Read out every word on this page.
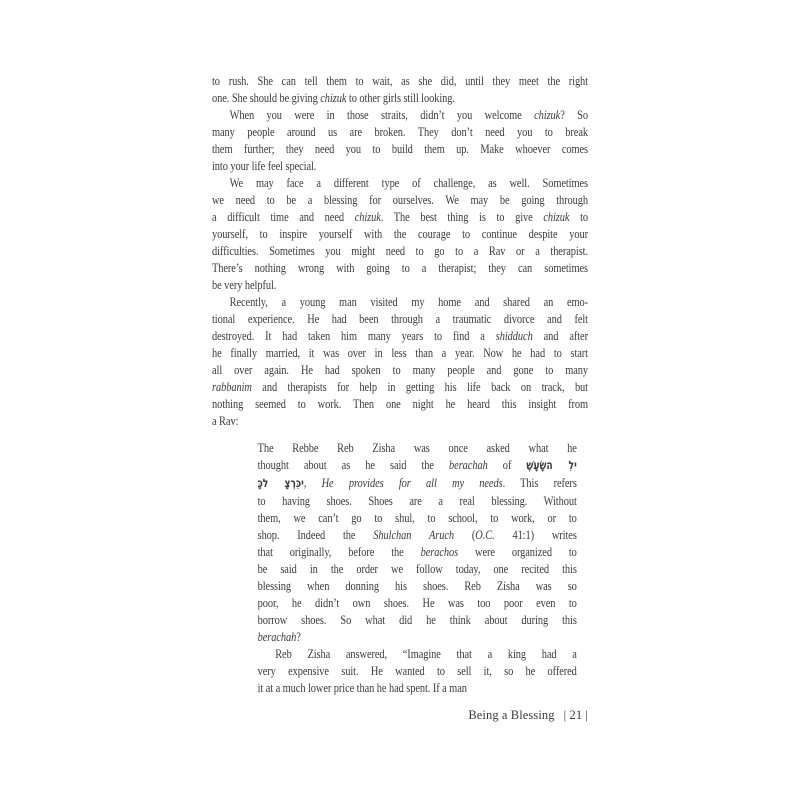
to rush. She can tell them to wait, as she did, until they meet the right
one. She should be giving chizuk to other girls still looking.
When you were in those straits, didn’t you welcome chizuk? So
many people around us are broken. They don’t need you to break
them further; they need you to build them up. Make whoever comes
into your life feel special.
We may face a different type of challenge, as well. Sometimes
we need to be a blessing for ourselves. We may be going through
a difficult time and need chizuk. The best thing is to give chizuk to
yourself, to inspire yourself with the courage to continue despite your
difficulties. Sometimes you might need to go to a Rav or a therapist.
There’s nothing wrong with going to a therapist; they can sometimes
be very helpful.
Recently, a young man visited my home and shared an emo-
tional experience. He had been through a traumatic divorce and felt
destroyed. It had taken him many years to find a shidduch and after
he finally married, it was over in less than a year. Now he had to start
all over again. He had spoken to many people and gone to many
rabbanim and therapists for help in getting his life back on track, but
nothing seemed to work. Then one night he heard this insight from
a Rav:
The Rebbe Reb Zisha was once asked what he
thought about as he said the berachah of שֶׁעָשָׂה לִי
כָּל צָרְכִּי, He provides for all my needs. This refers
to having shoes. Shoes are a real blessing. Without
them, we can’t go to shul, to school, to work, or to
shop. Indeed the Shulchan Aruch (O.C. 41:1) writes
that originally, before the berachos were organized to
be said in the order we follow today, one recited this
blessing when donning his shoes. Reb Zisha was so
poor, he didn’t own shoes. He was too poor even to
borrow shoes. So what did he think about during this
berachah?
Reb Zisha answered, “Imagine that a king had a
very expensive suit. He wanted to sell it, so he offered
it at a much lower price than he had spent. If a man
Being a Blessing | 21 |
